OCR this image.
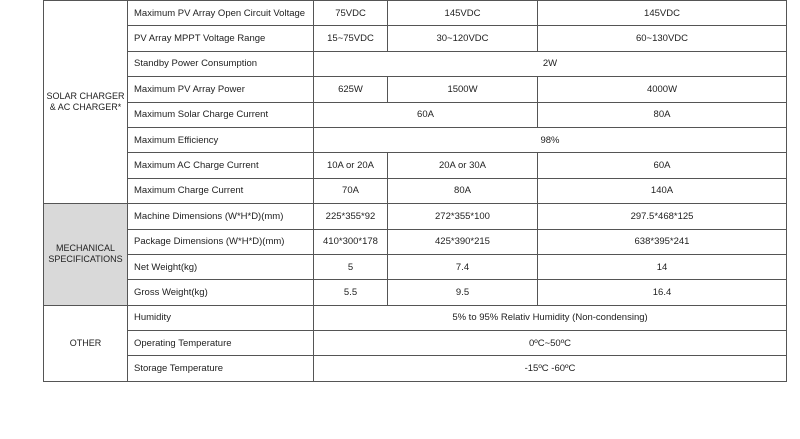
SOLAR CHARGER & AC CHARGER*	Maximum PV Array Open Circuit Voltage	75VDC	145VDC	145VDC
	PV Array MPPT Voltage Range	15~75VDC	30~120VDC	60~130VDC
	Standby Power Consumption	2W		
	Maximum PV Array Power	625W	1500W	4000W
	Maximum Solar Charge Current	60A		80A
	Maximum Efficiency	98%		
	Maximum AC Charge Current	10A or 20A	20A or 30A	60A
	Maximum Charge Current	70A	80A	140A
MECHANICAL SPECIFICATIONS	Machine Dimensions (W*H*D)(mm)	225*355*92	272*355*100	297.5*468*125
	Package Dimensions (W*H*D)(mm)	410*300*178	425*390*215	638*395*241
	Net Weight(kg)	5	7.4	14
	Gross Weight(kg)	5.5	9.5	16.4
OTHER	Humidity	5% to 95% Relativ Humidity (Non-condensing)		
	Operating Temperature	0ºC~50ºC		
	Storage Temperature	-15ºC -60ºC		
